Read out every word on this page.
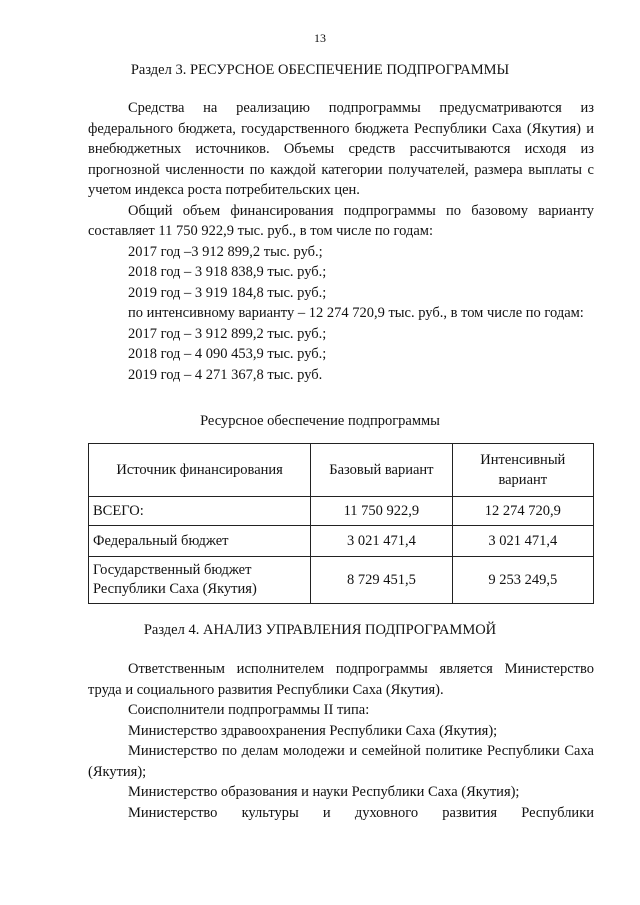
13
Раздел 3. РЕСУРСНОЕ ОБЕСПЕЧЕНИЕ ПОДПРОГРАММЫ

Средства на реализацию подпрограммы предусматриваются из федерального бюджета, государственного бюджета Республики Саха (Якутия) и внебюджетных источников. Объемы средств рассчитываются исходя из прогнозной численности по каждой категории получателей, размера выплаты с учетом индекса роста потребительских цен.

Общий объем финансирования подпрограммы по базовому варианту составляет 11 750 922,9 тыс. руб., в том числе по годам:

2017 год –3 912 899,2 тыс. руб.;

2018 год – 3 918 838,9 тыс. руб.;

2019 год – 3 919 184,8 тыс. руб.;

по интенсивному варианту – 12 274 720,9 тыс. руб., в том числе по годам:

2017 год – 3 912 899,2 тыс. руб.;

2018 год – 4 090 453,9 тыс. руб.;

2019 год – 4 271 367,8 тыс. руб.

Ресурсное обеспечение подпрограммы
Источник финансирования	Базовый вариант	Интенсивный вариант
ВСЕГО:	11 750 922,9	12 274 720,9
Федеральный бюджет	3 021 471,4	3 021 471,4
Государственный бюджет Республики Саха (Якутия)	8 729 451,5	9 253 249,5
Раздел 4. АНАЛИЗ УПРАВЛЕНИЯ ПОДПРОГРАММОЙ

Ответственным исполнителем подпрограммы является Министерство труда и социального развития Республики Саха (Якутия).

Соисполнители подпрограммы II типа:

Министерство здравоохранения Республики Саха (Якутия);

Министерство по делам молодежи и семейной политике Республики Саха (Якутия);

Министерство образования и науки Республики Саха (Якутия);

Министерство культуры и духовного развития Республики
